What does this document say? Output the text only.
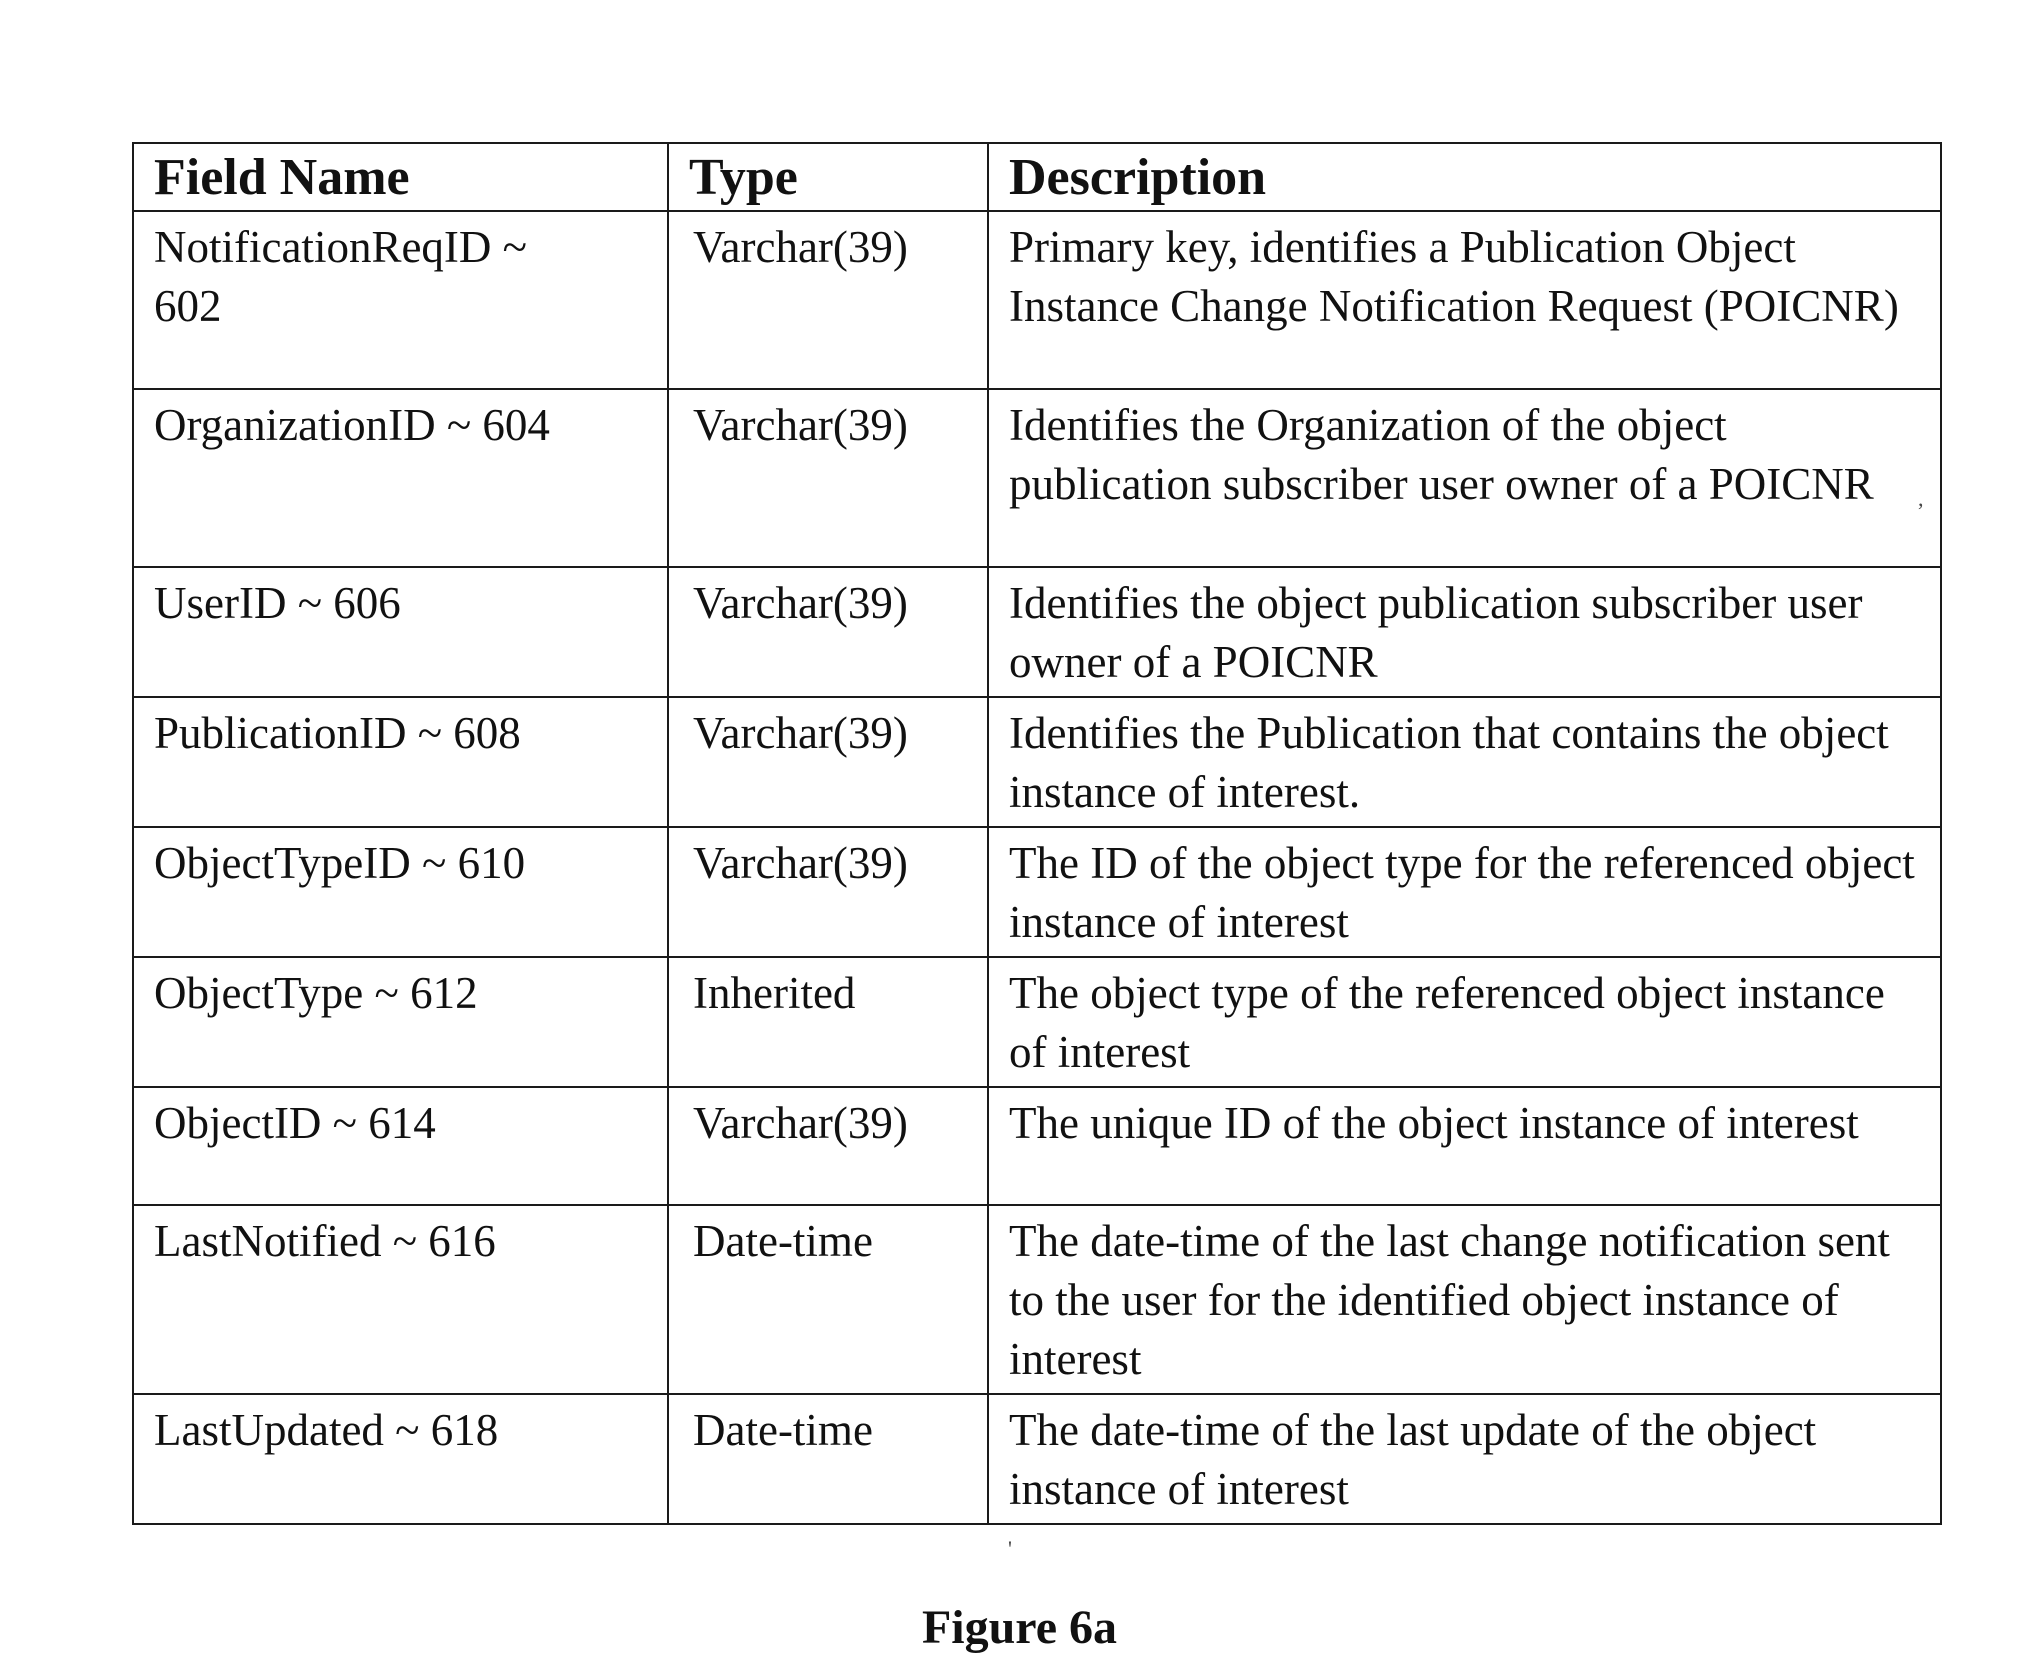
Field Name	Type	Description
NotificationReqID ~ 602	Varchar(39)	Primary key, identifies a Publication Object Instance Change Notification Request (POICNR)
OrganizationID ~ 604	Varchar(39)	Identifies the Organization of the object publication subscriber user owner of a POICNR
UserID ~ 606	Varchar(39)	Identifies the object publication subscriber user owner of a POICNR
PublicationID ~ 608	Varchar(39)	Identifies the Publication that contains the object instance of interest.
ObjectTypeID ~ 610	Varchar(39)	The ID of the object type for the referenced object instance of interest
ObjectType ~ 612	Inherited	The object type of the referenced object instance of interest
ObjectID ~ 614	Varchar(39)	The unique ID of the object instance of interest
LastNotified ~ 616	Date-time	The date-time of the last change notification sent to the user for the identified object instance of interest
LastUpdated ~ 618	Date-time	The date-time of the last update of the object instance of interest
,
'
Figure 6a
